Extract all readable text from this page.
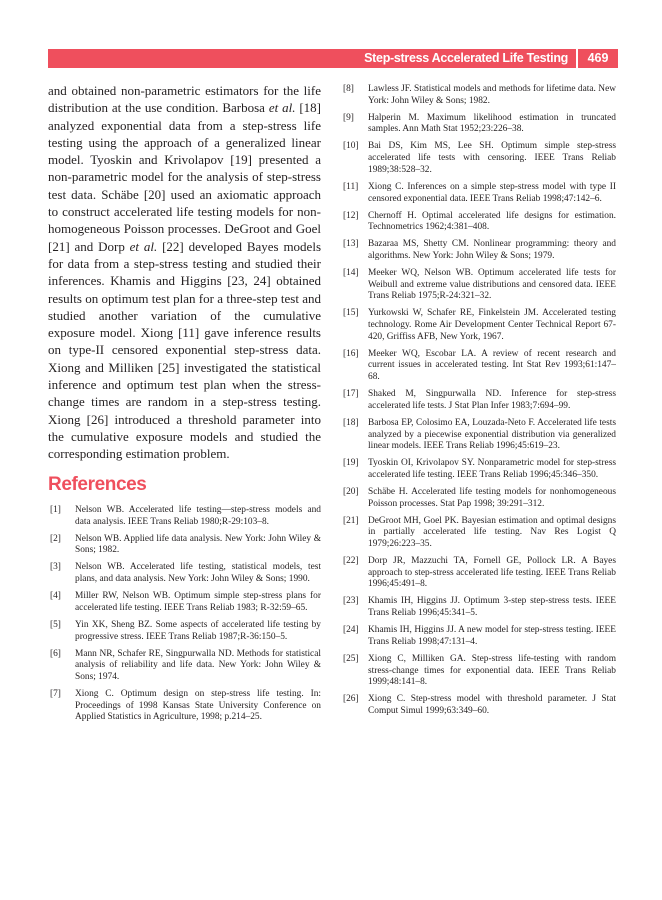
Step-stress Accelerated Life Testing	469

and obtained non-parametric estimators for the life distribution at the use condition. Barbosa et al. [18] analyzed exponential data from a step-stress life testing using the approach of a generalized linear model. Tyoskin and Krivolapov [19] presented a non-parametric model for the analysis of step-stress test data. Schäbe [20] used an axiomatic approach to construct accelerated life testing models for non-homogeneous Poisson processes. DeGroot and Goel [21] and Dorp et al. [22] developed Bayes models for data from a step-stress testing and studied their inferences. Khamis and Higgins [23, 24] obtained results on optimum test plan for a three-step test and studied another variation of the cumulative exposure model. Xiong [11] gave inference results on type-II censored exponential step-stress data. Xiong and Milliken [25] investigated the statistical inference and optimum test plan when the stress-change times are random in a step-stress testing. Xiong [26] introduced a threshold parameter into the cumulative exposure models and studied the corresponding estimation problem.

References
[1]	Nelson WB. Accelerated life testing—step-stress models and data analysis. IEEE Trans Reliab 1980;R-29:103–8.
[2]	Nelson WB. Applied life data analysis. New York: John Wiley & Sons; 1982.
[3]	Nelson WB. Accelerated life testing, statistical models, test plans, and data analysis. New York: John Wiley & Sons; 1990.
[4]	Miller RW, Nelson WB. Optimum simple step-stress plans for accelerated life testing. IEEE Trans Reliab 1983; R-32:59–65.
[5]	Yin XK, Sheng BZ. Some aspects of accelerated life testing by progressive stress. IEEE Trans Reliab 1987;R-36:150–5.
[6]	Mann NR, Schafer RE, Singpurwalla ND. Methods for statistical analysis of reliability and life data. New York: John Wiley & Sons; 1974.
[7]	Xiong C. Optimum design on step-stress life testing. In: Proceedings of 1998 Kansas State University Conference on Applied Statistics in Agriculture, 1998; p.214–25.
[8]	Lawless JF. Statistical models and methods for lifetime data. New York: John Wiley & Sons; 1982.
[9]	Halperin M. Maximum likelihood estimation in truncated samples. Ann Math Stat 1952;23:226–38.
[10] Bai DS, Kim MS, Lee SH. Optimum simple step-stress accelerated life tests with censoring. IEEE Trans Reliab 1989;38:528–32.
[11]	Xiong C. Inferences on a simple step-stress model with type II censored exponential data. IEEE Trans Reliab 1998;47:142–6.
[12] Chernoff H. Optimal accelerated life designs for estimation. Technometrics 1962;4:381–408.
[13] Bazaraa MS, Shetty CM. Nonlinear programming: theory and algorithms. New York: John Wiley & Sons; 1979.
[14] Meeker WQ, Nelson WB. Optimum accelerated life tests for Weibull and extreme value distributions and censored data. IEEE Trans Reliab 1975;R-24:321–32.
[15] Yurkowski W, Schafer RE, Finkelstein JM. Accelerated testing technology. Rome Air Development Center Technical Report 67-420, Griffiss AFB, New York, 1967.
[16] Meeker WQ, Escobar LA. A review of recent research and current issues in accelerated testing. Int Stat Rev 1993;61:147–68.
[17] Shaked M, Singpurwalla ND. Inference for step-stress accelerated life tests. J Stat Plan Infer 1983;7:694–99.
[18] Barbosa EP, Colosimo EA, Louzada-Neto F. Accelerated life tests analyzed by a piecewise exponential distribution via generalized linear models. IEEE Trans Reliab 1996;45:619–23.
[19] Tyoskin OI, Krivolapov SY. Nonparametric model for step-stress accelerated life testing. IEEE Trans Reliab 1996;45:346–350.
[20] Schäbe H. Accelerated life testing models for nonhomogeneous Poisson processes. Stat Pap 1998; 39:291–312.
[21] DeGroot MH, Goel PK. Bayesian estimation and optimal designs in partially accelerated life testing. Nav Res Logist Q 1979;26:223–35.
[22] Dorp JR, Mazzuchi TA, Fornell GE, Pollock LR. A Bayes approach to step-stress accelerated life testing. IEEE Trans Reliab 1996;45:491–8.
[23] Khamis IH, Higgins JJ. Optimum 3-step step-stress tests. IEEE Trans Reliab 1996;45:341–5.
[24] Khamis IH, Higgins JJ. A new model for step-stress testing. IEEE Trans Reliab 1998;47:131–4.
[25] Xiong C, Milliken GA. Step-stress life-testing with random stress-change times for exponential data. IEEE Trans Reliab 1999;48:141–8.
[26] Xiong C. Step-stress model with threshold parameter. J Stat Comput Simul 1999;63:349–60.
